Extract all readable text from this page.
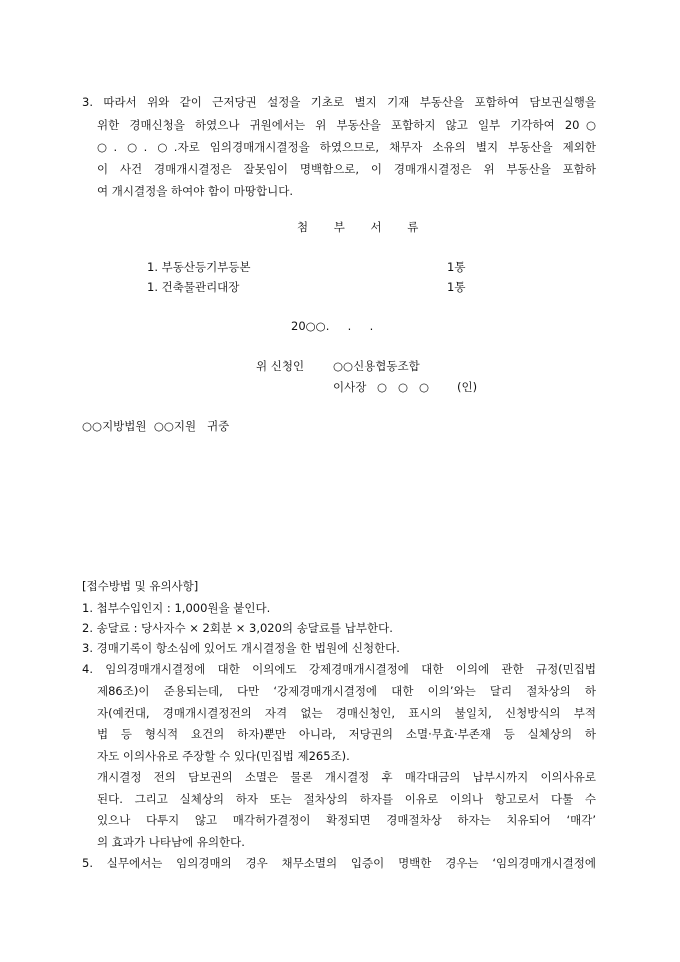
3. 따라서 위와 같이 근저당권 설정을 기초로 별지 기재 부동산을 포함하여 담보권실행을
위한 경매신청을 하였으나 귀원에서는 위 부동산을 포함하지 않고 일부 기각하여 20○
○. ○. ○.자로 임의경매개시결정을 하였으므로, 채무자 소유의 별지 부동산을 제외한
이 사건 경매개시결정은 잘못임이 명백함으로, 이 경매개시결정은 위 부동산을 포함하
여 개시결정을 하여야 함이 마땅합니다.
첨 부 서 류
1. 부동산등기부등본	1통
1. 건축물관리대장	1통
20○○.     .     .
위 신청인	○○신용협동조합
이사장 ○   ○   ○ (인)
○○지방법원  ○○지원   귀중
[접수방법 및 유의사항]
1. 첩부수입인지 : 1,000원을 붙인다.
2. 송달료 : 당사자수 × 2회분 × 3,020의 송달료를 납부한다.
3. 경매기록이 항소심에 있어도 개시결정을 한 법원에 신청한다.
4. 임의경매개시결정에 대한 이의에도 강제경매개시결정에 대한 이의에 관한 규정(민집법
제86조)이 준용되는데, 다만 ‘강제경매개시결정에 대한 이의’와는 달리 절차상의 하
자(예컨대, 경매개시결정전의 자격 없는 경매신청인, 표시의 불일치, 신청방식의 부적
법 등 형식적 요건의 하자)뿐만 아니라, 저당권의 소멸·무효·부존재 등 실체상의 하
자도 이의사유로 주장할 수 있다(민집법 제265조).
개시결정 전의 담보권의 소멸은 물론 개시결정 후 매각대금의 납부시까지 이의사유로
된다. 그리고 실체상의 하자 또는 절차상의 하자를 이유로 이의나 항고로서 다툴 수
있으나 다투지 않고 매각허가결정이 확정되면 경매절차상 하자는 치유되어 ‘매각’
의 효과가 나타남에 유의한다.
5. 실무에서는 임의경매의 경우 채무소멸의 입증이 명백한 경우는 ‘임의경매개시결정에
